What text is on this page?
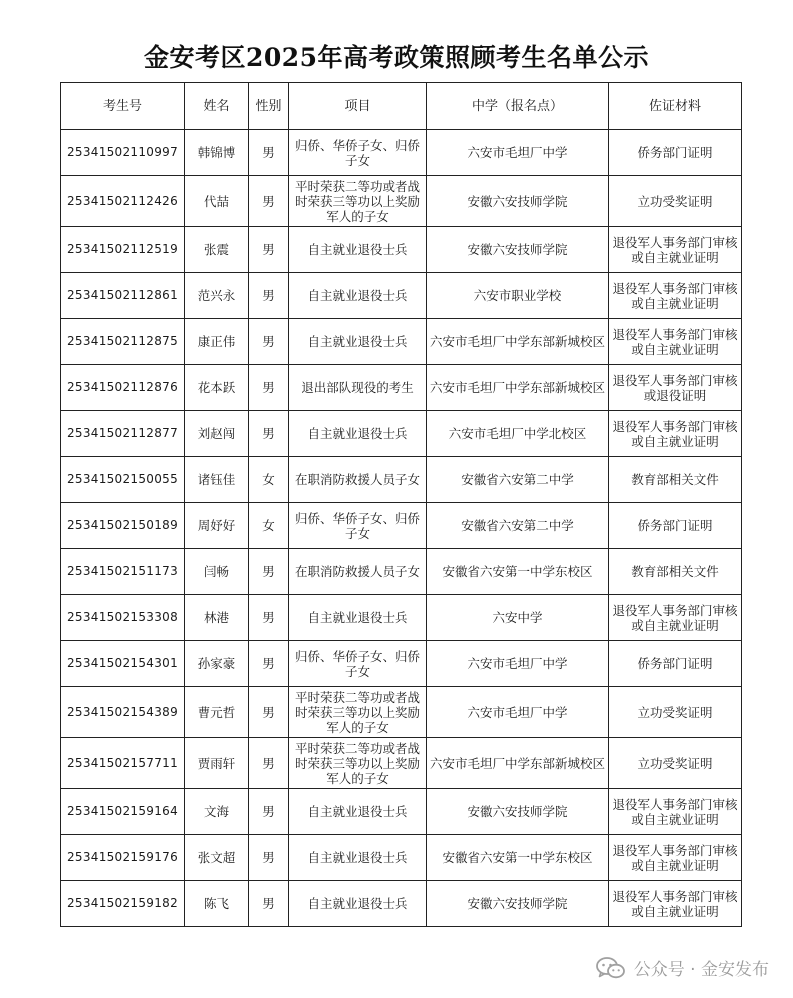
金安考区2025年高考政策照顾考生名单公示
考生号	姓名	性别	项目	中学（报名点）	佐证材料
25341502110997	韩锦博	男	归侨、华侨子女、归侨子女	六安市毛坦厂中学	侨务部门证明
25341502112426	代喆	男	平时荣获二等功或者战时荣获三等功以上奖励军人的子女	安徽六安技师学院	立功受奖证明
25341502112519	张震	男	自主就业退役士兵	安徽六安技师学院	退役军人事务部门审核或自主就业证明
25341502112861	范兴永	男	自主就业退役士兵	六安市职业学校	退役军人事务部门审核或自主就业证明
25341502112875	康正伟	男	自主就业退役士兵	六安市毛坦厂中学东部新城校区	退役军人事务部门审核或自主就业证明
25341502112876	花本跃	男	退出部队现役的考生	六安市毛坦厂中学东部新城校区	退役军人事务部门审核或退役证明
25341502112877	刘赵闯	男	自主就业退役士兵	六安市毛坦厂中学北校区	退役军人事务部门审核或自主就业证明
25341502150055	诸钰佳	女	在职消防救援人员子女	安徽省六安第二中学	教育部相关文件
25341502150189	周妤好	女	归侨、华侨子女、归侨子女	安徽省六安第二中学	侨务部门证明
25341502151173	闫畅	男	在职消防救援人员子女	安徽省六安第一中学东校区	教育部相关文件
25341502153308	林港	男	自主就业退役士兵	六安中学	退役军人事务部门审核或自主就业证明
25341502154301	孙家豪	男	归侨、华侨子女、归侨子女	六安市毛坦厂中学	侨务部门证明
25341502154389	曹元哲	男	平时荣获二等功或者战时荣获三等功以上奖励军人的子女	六安市毛坦厂中学	立功受奖证明
25341502157711	贾雨轩	男	平时荣获二等功或者战时荣获三等功以上奖励军人的子女	六安市毛坦厂中学东部新城校区	立功受奖证明
25341502159164	文海	男	自主就业退役士兵	安徽六安技师学院	退役军人事务部门审核或自主就业证明
25341502159176	张文超	男	自主就业退役士兵	安徽省六安第一中学东校区	退役军人事务部门审核或自主就业证明
25341502159182	陈飞	男	自主就业退役士兵	安徽六安技师学院	退役军人事务部门审核或自主就业证明
公众号 · 金安发布
